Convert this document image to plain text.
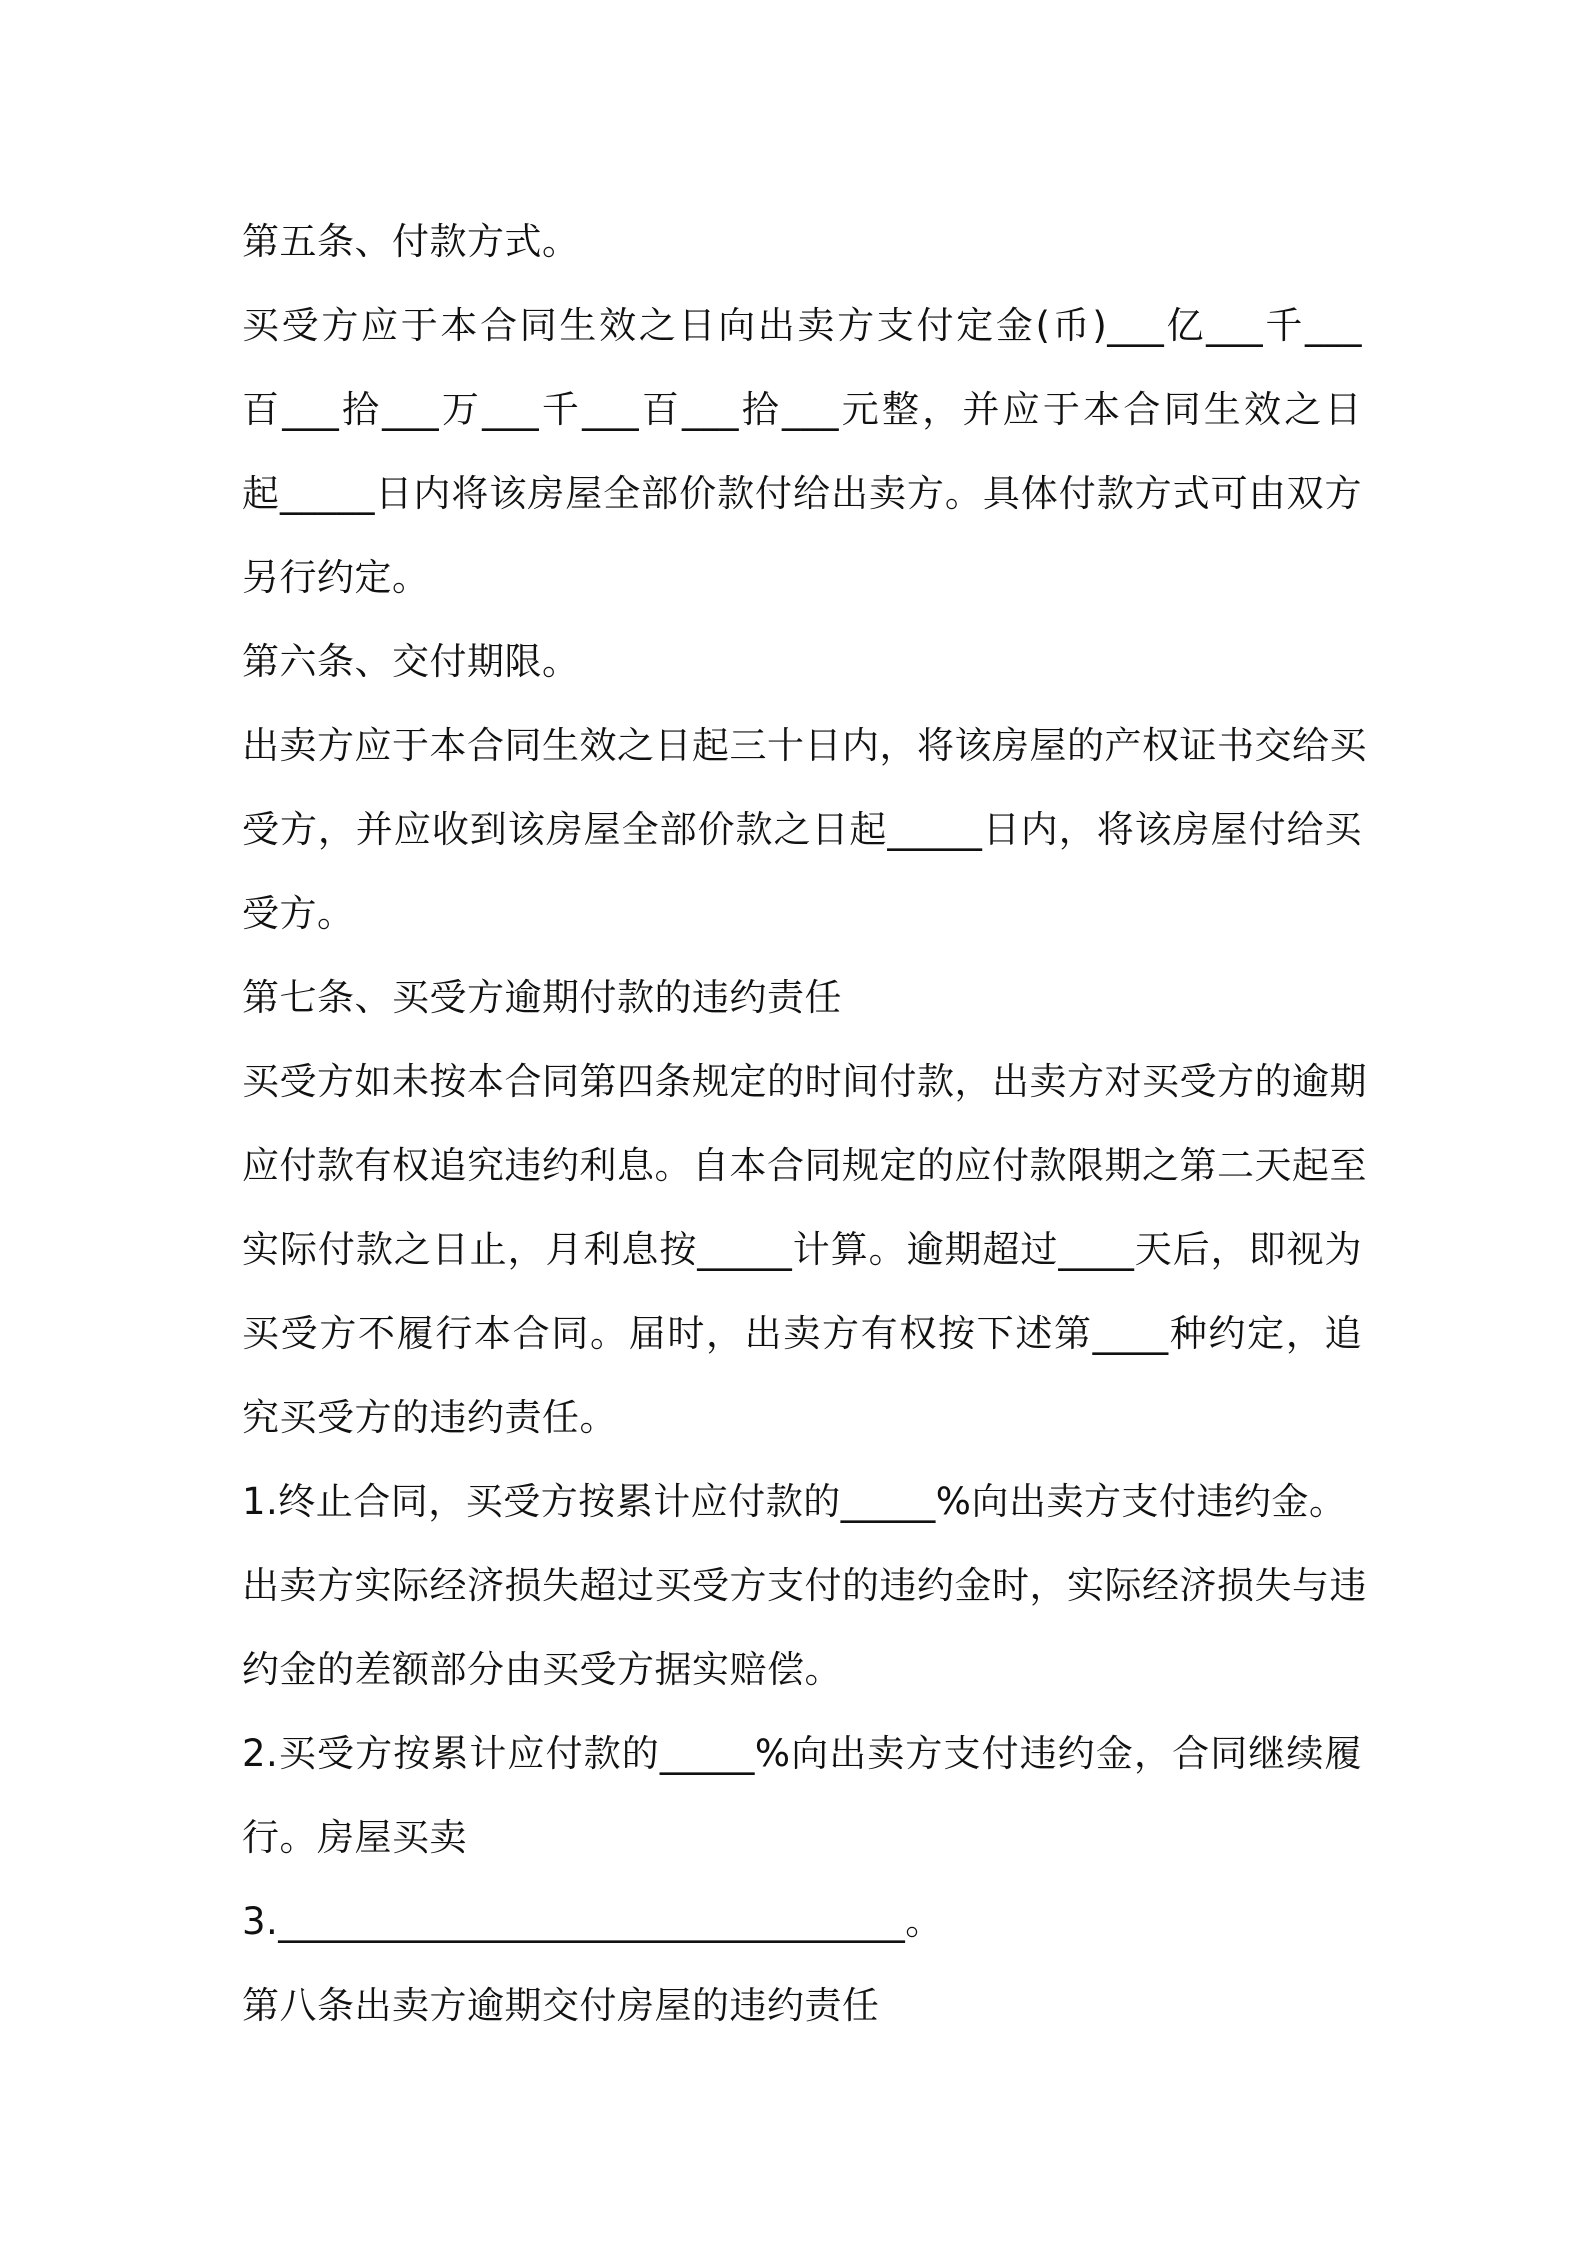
第五条、付款方式。
买受方应于本合同生效之日向出卖方支付定金(币)___亿___千___
百___拾___万___千___百___拾___元整，并应于本合同生效之日
起_____日内将该房屋全部价款付给出卖方。具体付款方式可由双方
另行约定。
第六条、交付期限。
出卖方应于本合同生效之日起三十日内，将该房屋的产权证书交给买
受方，并应收到该房屋全部价款之日起_____日内，将该房屋付给买
受方。
第七条、买受方逾期付款的违约责任
买受方如未按本合同第四条规定的时间付款，出卖方对买受方的逾期
应付款有权追究违约利息。自本合同规定的应付款限期之第二天起至
实际付款之日止，月利息按_____计算。逾期超过____天后，即视为
买受方不履行本合同。届时，出卖方有权按下述第____种约定，追
究买受方的违约责任。
1.终止合同，买受方按累计应付款的_____%向出卖方支付违约金。
出卖方实际经济损失超过买受方支付的违约金时，实际经济损失与违
约金的差额部分由买受方据实赔偿。
2.买受方按累计应付款的_____%向出卖方支付违约金，合同继续履
行。房屋买卖
3._________________________________。
第八条出卖方逾期交付房屋的违约责任
